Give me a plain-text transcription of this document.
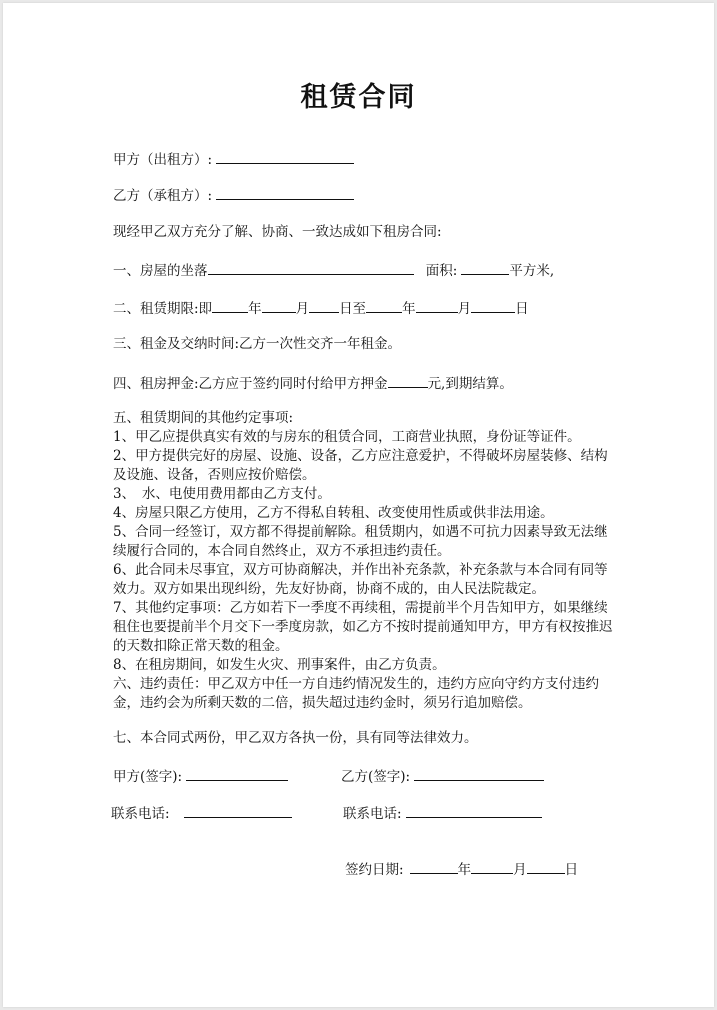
租赁合同
甲方（出租方）:
乙方（承租方）:
现经甲乙双方充分了解、协商、一致达成如下租房合同:
一、房屋的坐落	面积:	平方米,
二、租赁期限:即	年	月 日至	年	月	日
三、租金及交纳时间:乙方一次性交齐一年租金。
四、租房押金:乙方应于签约同时付给甲方押金	元,到期结算。

五、租赁期间的其他约定事项:

1、甲乙应提供真实有效的与房东的租赁合同，工商营业执照，身份证等证件。

2、甲方提供完好的房屋、设施、设备，乙方应注意爱护，不得破坏房屋装修、结构及设施、设备，否则应按价赔偿。

3、　水、电使用费用都由乙方支付。

4、房屋只限乙方使用，乙方不得私自转租、改变使用性质或供非法用途。

5、合同一经签订，双方都不得提前解除。租赁期内，如遇不可抗力因素导致无法继续履行合同的，本合同自然终止，双方不承担违约责任。

6、此合同未尽事宜，双方可协商解决，并作出补充条款，补充条款与本合同有同等效力。双方如果出现纠纷，先友好协商，协商不成的，由人民法院裁定。

7、其他约定事项：乙方如若下一季度不再续租，需提前半个月告知甲方，如果继续租住也要提前半个月交下一季度房款，如乙方不按时提前通知甲方，甲方有权按推迟的天数扣除正常天数的租金。

8、在租房期间，如发生火灾、刑事案件，由乙方负责。

六、违约责任：甲乙双方中任一方自违约情况发生的，违约方应向守约方支付违约金，违约会为所剩天数的二倍，损失超过违约金时，须另行追加赔偿。

七、本合同式两份，甲乙双方各执一份，具有同等法律效力。
甲方(签字):	乙方(签字):
联系电话:	联系电话:
签约日期:	年	月	日
